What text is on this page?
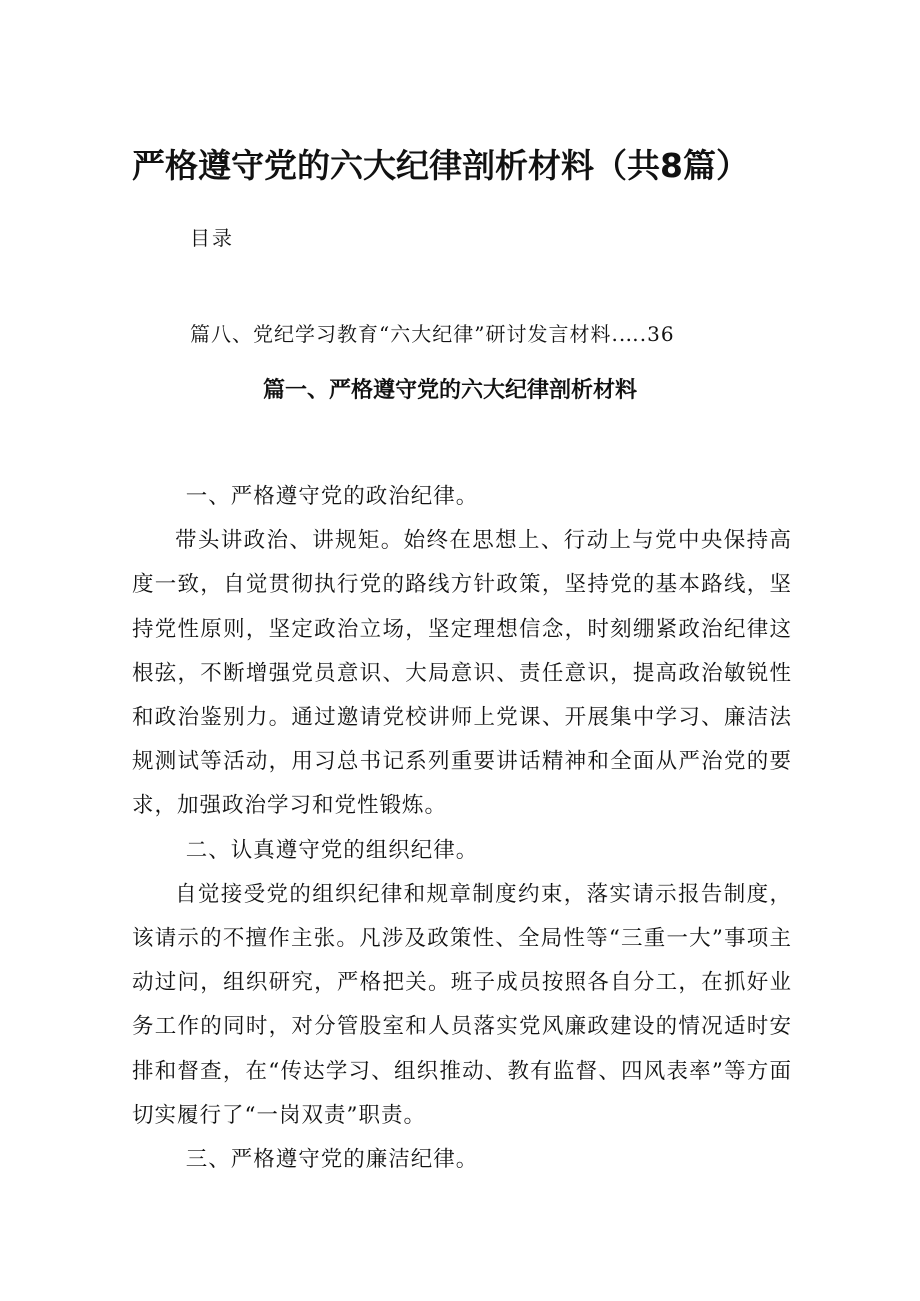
严格遵守党的六大纪律剖析材料（共8篇）
目录
篇八、党纪学习教育“六大纪律”研讨发言材料.….36
篇一、严格遵守党的六大纪律剖析材料

一、严格遵守党的政治纪律。

带头讲政治、讲规矩。始终在思想上、行动上与党中央保持高度一致，自觉贯彻执行党的路线方针政策，坚持党的基本路线，坚持党性原则，坚定政治立场，坚定理想信念，时刻绷紧政治纪律这根弦，不断增强党员意识、大局意识、责任意识，提高政治敏锐性和政治鉴别力。通过邀请党校讲师上党课、开展集中学习、廉洁法规测试等活动，用习总书记系列重要讲话精神和全面从严治党的要求，加强政治学习和党性锻炼。

二、认真遵守党的组织纪律。

自觉接受党的组织纪律和规章制度约束，落实请示报告制度，该请示的不擅作主张。凡涉及政策性、全局性等“三重一大”事项主动过问，组织研究，严格把关。班子成员按照各自分工，在抓好业务工作的同时，对分管股室和人员落实党风廉政建设的情况适时安排和督查，在“传达学习、组织推动、教有监督、四风表率”等方面切实履行了“一岗双责”职责。

三、严格遵守党的廉洁纪律。
